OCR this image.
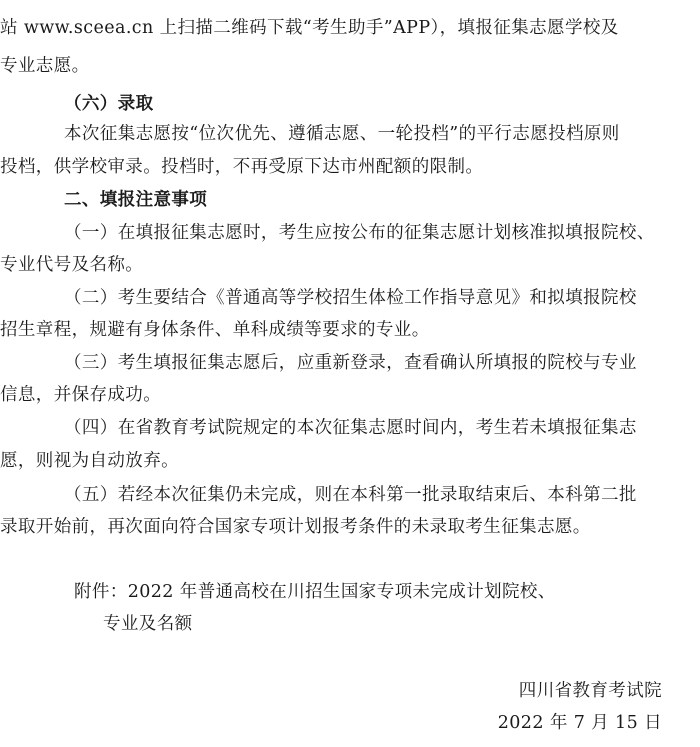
站 www.sceea.cn 上扫描二维码下载“考生助手”APP），填报征集志愿学校及
专业志愿。
（六）录取
本次征集志愿按“位次优先、遵循志愿、一轮投档”的平行志愿投档原则
投档，供学校审录。投档时，不再受原下达市州配额的限制。
二、填报注意事项
（一）在填报征集志愿时，考生应按公布的征集志愿计划核准拟填报院校、
专业代号及名称。
（二）考生要结合《普通高等学校招生体检工作指导意见》和拟填报院校
招生章程，规避有身体条件、单科成绩等要求的专业。
（三）考生填报征集志愿后，应重新登录，查看确认所填报的院校与专业
信息，并保存成功。
（四）在省教育考试院规定的本次征集志愿时间内，考生若未填报征集志
愿，则视为自动放弃。
（五）若经本次征集仍未完成，则在本科第一批录取结束后、本科第二批
录取开始前，再次面向符合国家专项计划报考条件的未录取考生征集志愿。
附件：2022 年普通高校在川招生国家专项未完成计划院校、
专业及名额
四川省教育考试院
2022 年 7 月 15 日
